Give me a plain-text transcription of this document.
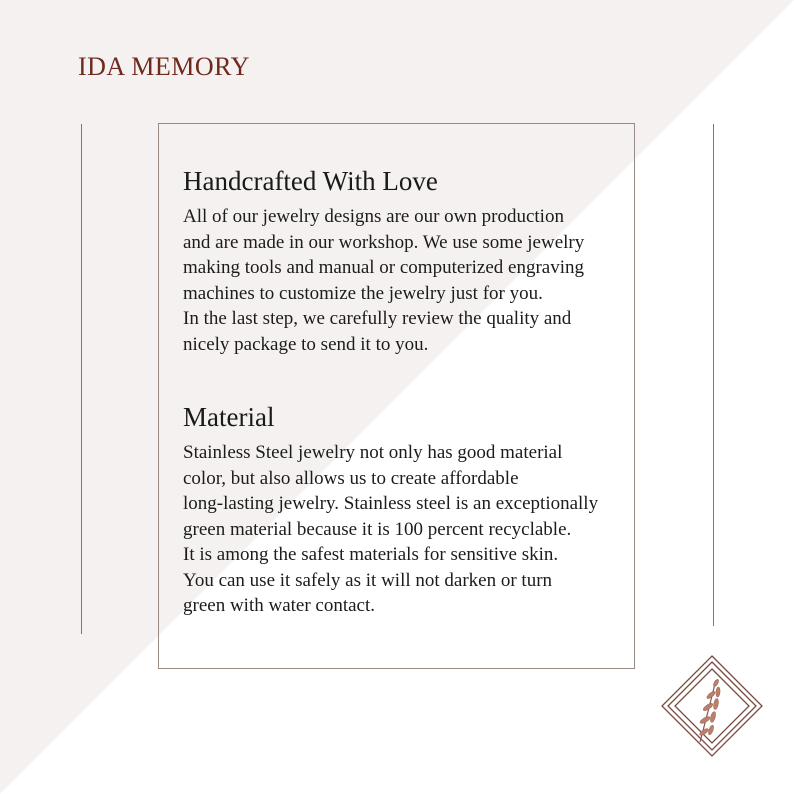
IDA MEMORY
Handcrafted With Love
All of our jewelry designs are our own production
and are made in our workshop. We use some jewelry
making tools and manual or computerized engraving
machines to customize the jewelry just for you.
In the last step, we carefully review the quality and
nicely package to send it to you.
Material
Stainless Steel jewelry not only has good material
color, but also allows us to create affordable
long-lasting jewelry. Stainless steel is an exceptionally
green material because it is 100 percent recyclable.
It is among the safest materials for sensitive skin.
You can use it safely as it will not darken or turn
green with water contact.
